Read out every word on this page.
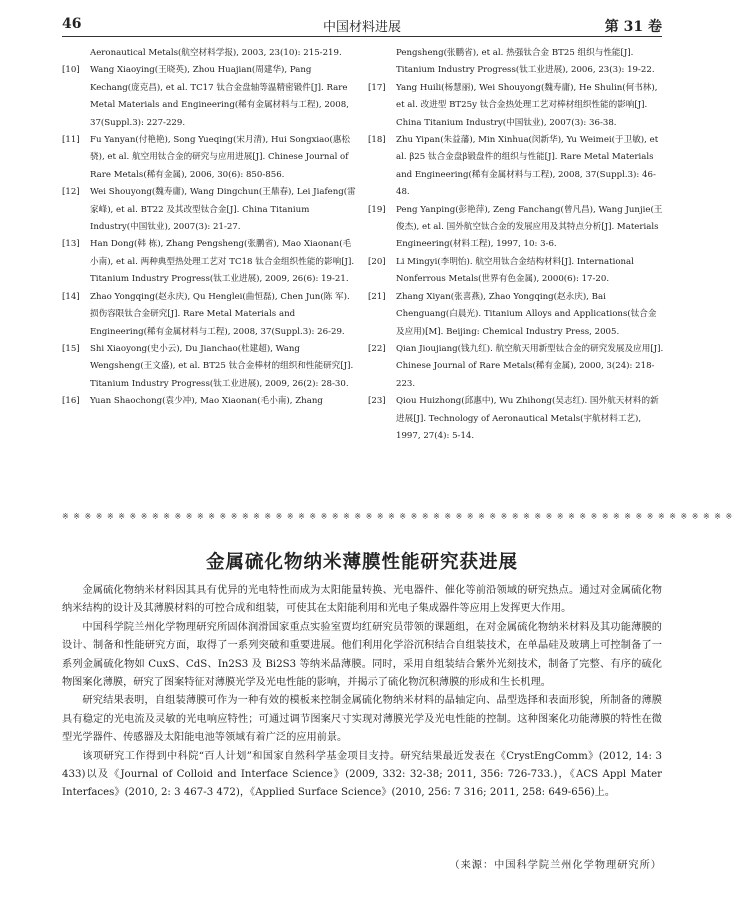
46	中国材料进展	第 31 卷

Aeronautical Metals(航空材料学报), 2003, 23(10): 215-219.

[10]	Wang Xiaoying(王晓英), Zhou Huajian(周建华), Pang Kechang(庞克昌), et al. TC17 钛合金盘轴等温精密锻件[J]. Rare Metal Materials and Engineering(稀有金属材料与工程), 2008, 37(Suppl.3): 227-229.

[11]	Fu Yanyan(付艳艳), Song Yueqing(宋月清), Hui Songxiao(惠松骁), et al. 航空用钛合金的研究与应用进展[J]. Chinese Journal of Rare Metals(稀有金属), 2006, 30(6): 850-856.

[12]	Wei Shouyong(魏寿庸), Wang Dingchun(王鼎春), Lei Jiafeng(雷家峰), et al. BT22 及其改型钛合金[J]. China Titanium Industry(中国钛业), 2007(3): 21-27.

[13]	Han Dong(韩 栋), Zhang Pengsheng(张鹏省), Mao Xiaonan(毛小南), et al. 两种典型热处理工艺对 TC18 钛合金组织性能的影响[J]. Titanium Industry Progress(钛工业进展), 2009, 26(6): 19-21.

[14]	Zhao Yongqing(赵永庆), Qu Henglei(曲恒磊), Chen Jun(陈 军). 损伤容限钛合金研究[J]. Rare Metal Materials and Engineering(稀有金属材料与工程), 2008, 37(Suppl.3): 26-29.

[15]	Shi Xiaoyong(史小云), Du Jianchao(杜建超), Wang Wengsheng(王文盛), et al. BT25 钛合金棒材的组织和性能研究[J]. Titanium Industry Progress(钛工业进展), 2009, 26(2): 28-30.

[16]	Yuan Shaochong(袁少冲), Mao Xiaonan(毛小南), Zhang

Pengsheng(张鹏省), et al. 热强钛合金 BT25 组织与性能[J]. Titanium Industry Progress(钛工业进展), 2006, 23(3): 19-22.

[17]	Yang Huili(杨慧丽), Wei Shouyong(魏寿庸), He Shulin(何书林), et al. 改进型 BT25y 钛合金热处理工艺对棒材组织性能的影响[J]. China Titanium Industry(中国钛业), 2007(3): 36-38.

[18]	Zhu Yipan(朱益藩), Min Xinhua(闵新华), Yu Weimei(于卫敏), et al. β25 钛合金盘β锻盘件的组织与性能[J]. Rare Metal Materials and Engineering(稀有金属材料与工程), 2008, 37(Suppl.3): 46-48.

[19]	Peng Yanping(彭艳萍), Zeng Fanchang(曾凡昌), Wang Junjie(王俊杰), et al. 国外航空钛合金的发展应用及其特点分析[J]. Materials Engineering(材料工程), 1997, 10: 3-6.

[20]	Li Mingyi(李明怡). 航空用钛合金结构材料[J]. International Nonferrous Metals(世界有色金属), 2000(6): 17-20.

[21]	Zhang Xiyan(张喜燕), Zhao Yongqing(赵永庆), Bai Chenguang(白晨光). Titanium Alloys and Applications(钛合金及应用)[M]. Beijing: Chemical Industry Press, 2005.

[22]	Qian Jioujiang(钱九红). 航空航天用新型钛合金的研究发展及应用[J]. Chinese Journal of Rare Metals(稀有金属), 2000, 3(24): 218-223.

[23]	Qiou Huizhong(邱惠中), Wu Zhihong(吴志红). 国外航天材料的新进展[J]. Technology of Aeronautical Metals(宇航材料工艺), 1997, 27(4): 5-14.

※ ※ ※ ※ ※ ※ ※ ※ ※ ※ ※ ※ ※ ※ ※ ※ ※ ※ ※ ※ ※ ※ ※ ※ ※ ※ ※ ※ ※ ※ ※ ※ ※ ※ ※ ※ ※ ※ ※ ※ ※ ※ ※ ※ ※ ※ ※ ※ ※ ※ ※ ※ ※ ※ ※ ※ ※ ※ ※ ※
金属硫化物纳米薄膜性能研究获进展

金属硫化物纳米材料因其具有优异的光电特性而成为太阳能量转换、光电器件、催化等前沿领域的研究热点。通过对金属硫化物纳米结构的设计及其薄膜材料的可控合成和组装，可使其在太阳能利用和光电子集成器件等应用上发挥更大作用。

中国科学院兰州化学物理研究所固体润滑国家重点实验室贾均红研究员带领的课题组，在对金属硫化物纳米材料及其功能薄膜的设计、制备和性能研究方面，取得了一系列突破和重要进展。他们利用化学浴沉积结合自组装技术，在单晶硅及玻璃上可控制备了一系列金属硫化物如 CuxS、CdS、In2S3 及 Bi2S3 等纳米晶薄膜。同时，采用自组装结合紫外光刻技术，制备了完整、有序的硫化物图案化薄膜，研究了图案特征对薄膜光学及光电性能的影响，并揭示了硫化物沉积薄膜的形成和生长机理。

研究结果表明，自组装薄膜可作为一种有效的模板来控制金属硫化物纳米材料的晶轴定向、晶型选择和表面形貌，所制备的薄膜具有稳定的光电流及灵敏的光电响应特性；可通过调节图案尺寸实现对薄膜光学及光电性能的控制。这种图案化功能薄膜的特性在微型光学器件、传感器及太阳能电池等领域有着广泛的应用前景。

该项研究工作得到中科院“百人计划”和国家自然科学基金项目支持。研究结果最近发表在《CrystEngComm》(2012, 14: 3 433)以及《Journal of Colloid and Interface Science》(2009, 332: 32-38; 2011, 356: 726-733.)，《ACS Appl Mater Interfaces》(2010, 2: 3 467-3 472)，《Applied Surface Science》(2010, 256: 7 316; 2011, 258: 649-656)上。

（来源：中国科学院兰州化学物理研究所）
